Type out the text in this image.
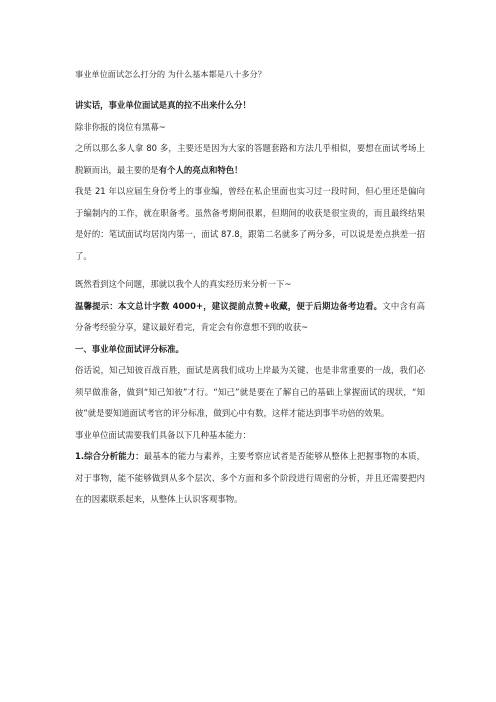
事业单位面试怎么打分的 为什么基本都是八十多分？

讲实话，事业单位面试是真的拉不出来什么分！

除非你报的岗位有黑幕~

之所以那么多人拿 80 多，主要还是因为大家的答题套路和方法几乎相似，要想在面试考场上脱颖而出，最主要的是有个人的亮点和特色！

我是 21 年以应届生身份考上的事业编，曾经在私企里面也实习过一段时间，但心里还是偏向于编制内的工作，就在职备考。虽然备考期间很累，但期间的收获是很宝贵的，而且最终结果是好的：笔试面试均居岗内第一，面试 87.8，跟第二名就多了两分多，可以说是差点拱差一招了。

既然看到这个问题，那就以我个人的真实经历来分析一下~

温馨提示：本文总计字数 4000+，建议提前点赞+收藏，便于后期边备考边看。文中含有高分备考经验分享，建议最好看完，肯定会有你意想不到的收获~

一、事业单位面试评分标准。

俗话说，知己知彼百战百胜，面试是离我们成功上岸最为关键、也是非常重要的一战，我们必须早做准备，做到“知己知彼”才行。“知己”就是要在了解自己的基础上掌握面试的现状，“知彼”就是要知道面试考官的评分标准，做到心中有数，这样才能达到事半功倍的效果。

事业单位面试需要我们具备以下几种基本能力：

1.综合分析能力：最基本的能力与素养，主要考察应试者是否能够从整体上把握事物的本质，对于事物，能不能够做到从多个层次、多个方面和多个阶段进行周密的分析，并且还需要把内在的因素联系起来，从整体上认识客观事物。
